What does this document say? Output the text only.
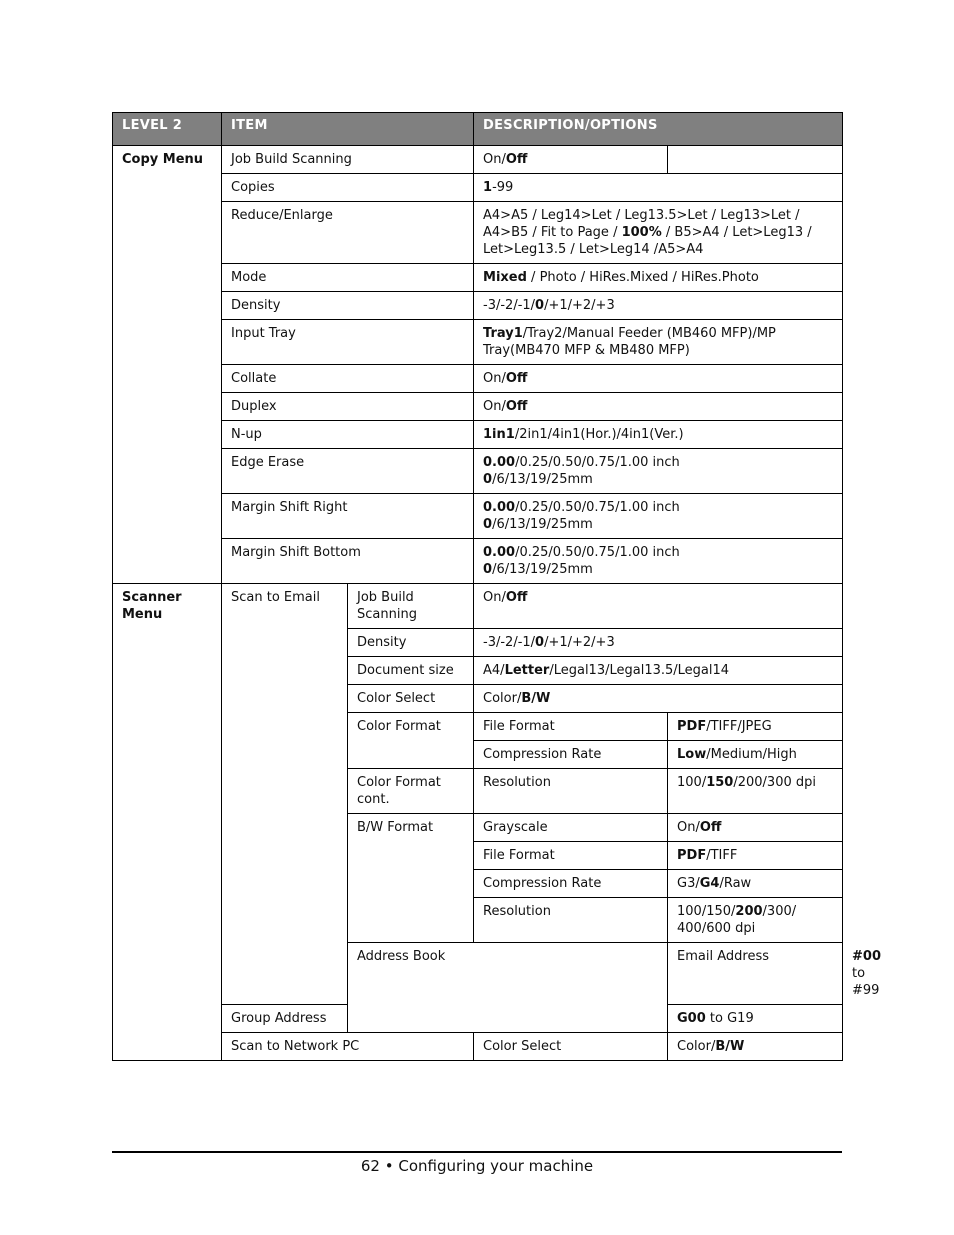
LEVEL 2	ITEM		DESCRIPTION/OPTIONS		
Copy Menu	Job Build Scanning		On/Off		
	Copies		1-99		
	Reduce/Enlarge		A4>A5 / Leg14>Let / Leg13.5>Let / Leg13>Let / A4>B5 / Fit to Page / 100% / B5>A4 / Let>Leg13 / Let>Leg13.5 / Let>Leg14 /A5>A4		
	Mode		Mixed / Photo / HiRes.Mixed / HiRes.Photo		
	Density		-3/-2/-1/0/+1/+2/+3		
	Input Tray		Tray1/Tray2/Manual Feeder (MB460 MFP)/MP Tray(MB470 MFP & MB480 MFP)		
	Collate		On/Off		
	Duplex		On/Off		
	N-up		1in1/2in1/4in1(Hor.)/4in1(Ver.)		
	Edge Erase		0.00/0.25/0.50/0.75/1.00 inch
0/6/13/19/25mm		
	Margin Shift Right		0.00/0.25/0.50/0.75/1.00 inch
0/6/13/19/25mm		
	Margin Shift Bottom		0.00/0.25/0.50/0.75/1.00 inch
0/6/13/19/25mm		
Scanner Menu	Scan to Email	Job Build Scanning	On/Off		
		Density	-3/-2/-1/0/+1/+2/+3		
		Document size	A4/Letter/Legal13/Legal13.5/Legal14		
		Color Select	Color/B/W		
		Color Format	File Format	PDF/TIFF/JPEG	
			Compression Rate	Low/Medium/High	
		Color Format cont.	Resolution	100/150/200/300 dpi	
		B/W Format	Grayscale	On/Off	
			File Format	PDF/TIFF	
			Compression Rate	G3/G4/Raw	
			Resolution	100/150/200/300/ 400/600 dpi	
		Address Book		Email Address	#00 to #99
	Group Address			G00 to G19	
	Scan to Network PC		Color Select	Color/B/W	
62 • Configuring your machine
